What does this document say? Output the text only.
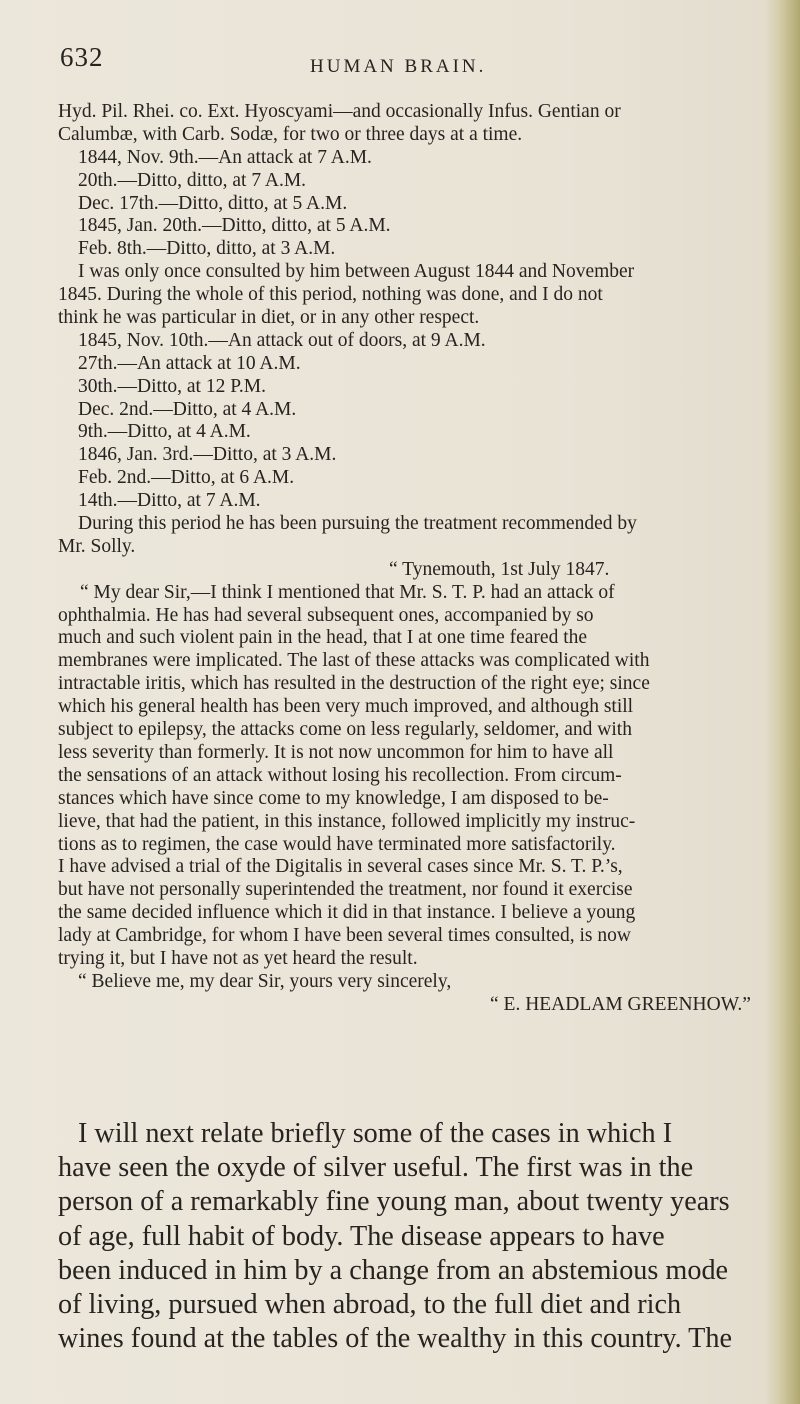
632	HUMAN BRAIN.
Hyd. Pil. Rhei. co. Ext. Hyoscyami—and occasionally Infus. Gentian or
Calumbæ, with Carb. Sodæ, for two or three days at a time.
1844, Nov. 9th.—An attack at 7 A.M.
20th.—Ditto, ditto, at 7 A.M.
Dec. 17th.—Ditto, ditto, at 5 A.M.
1845, Jan. 20th.—Ditto, ditto, at 5 A.M.
Feb. 8th.—Ditto, ditto, at 3 A.M.
I was only once consulted by him between August 1844 and November
1845. During the whole of this period, nothing was done, and I do not
think he was particular in diet, or in any other respect.
1845, Nov. 10th.—An attack out of doors, at 9 A.M.
27th.—An attack at 10 A.M.
30th.—Ditto, at 12 P.M.
Dec. 2nd.—Ditto, at 4 A.M.
9th.—Ditto, at 4 A.M.
1846, Jan. 3rd.—Ditto, at 3 A.M.
Feb. 2nd.—Ditto, at 6 A.M.
14th.—Ditto, at 7 A.M.
During this period he has been pursuing the treatment recommended by
Mr. Solly.
“ Tynemouth, 1st July 1847.
“ My dear Sir,—I think I mentioned that Mr. S. T. P. had an attack of
ophthalmia. He has had several subsequent ones, accompanied by so
much and such violent pain in the head, that I at one time feared the
membranes were implicated. The last of these attacks was complicated with
intractable iritis, which has resulted in the destruction of the right eye; since
which his general health has been very much improved, and although still
subject to epilepsy, the attacks come on less regularly, seldomer, and with
less severity than formerly. It is not now uncommon for him to have all
the sensations of an attack without losing his recollection. From circum-
stances which have since come to my knowledge, I am disposed to be-
lieve, that had the patient, in this instance, followed implicitly my instruc-
tions as to regimen, the case would have terminated more satisfactorily.
I have advised a trial of the Digitalis in several cases since Mr. S. T. P.’s,
but have not personally superintended the treatment, nor found it exercise
the same decided influence which it did in that instance. I believe a young
lady at Cambridge, for whom I have been several times consulted, is now
trying it, but I have not as yet heard the result.
“ Believe me, my dear Sir, yours very sincerely,
“ E. HEADLAM GREENHOW.”
I will next relate briefly some of the cases in which I
have seen the oxyde of silver useful. The first was in the
person of a remarkably fine young man, about twenty years
of age, full habit of body. The disease appears to have
been induced in him by a change from an abstemious mode
of living, pursued when abroad, to the full diet and rich
wines found at the tables of the wealthy in this country. The
